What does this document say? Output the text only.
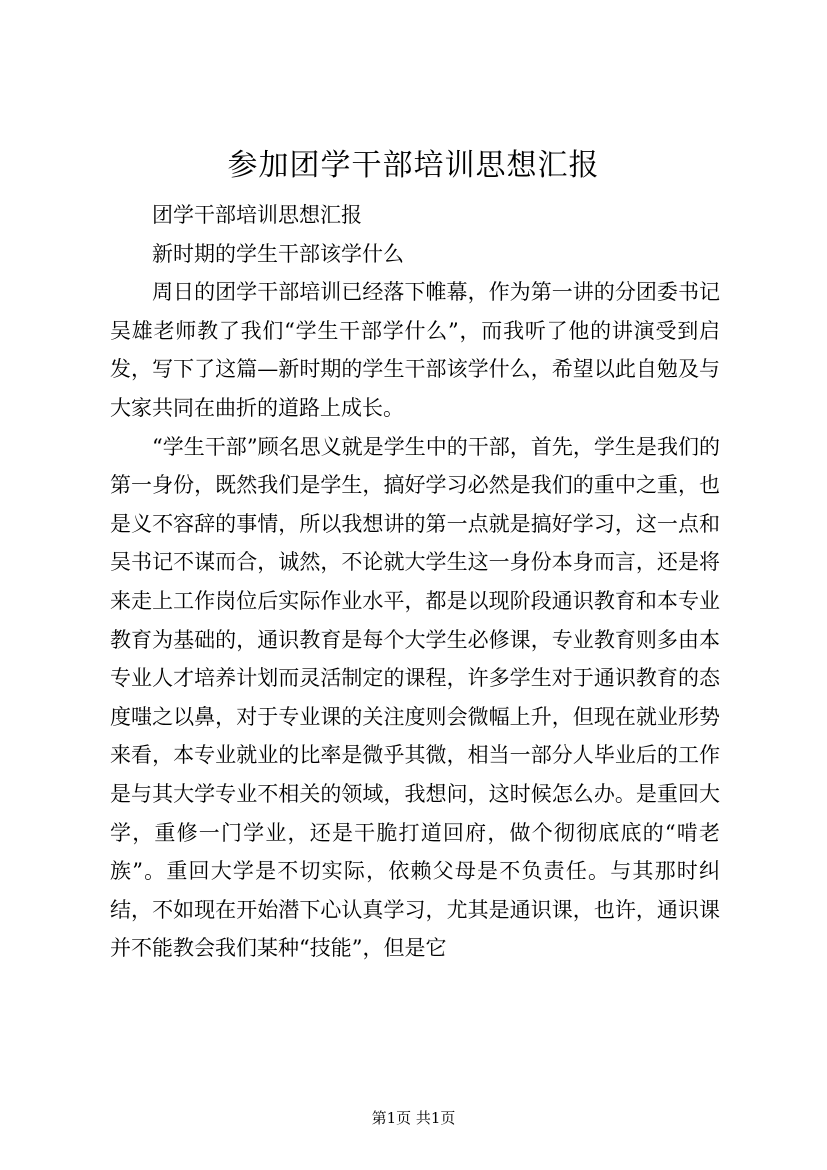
参加团学干部培训思想汇报

团学干部培训思想汇报

新时期的学生干部该学什么

周日的团学干部培训已经落下帷幕，作为第一讲的分团委书记吴雄老师教了我们“学生干部学什么”，而我听了他的讲演受到启发，写下了这篇—新时期的学生干部该学什么，希望以此自勉及与大家共同在曲折的道路上成长。

“学生干部”顾名思义就是学生中的干部，首先，学生是我们的第一身份，既然我们是学生，搞好学习必然是我们的重中之重，也是义不容辞的事情，所以我想讲的第一点就是搞好学习，这一点和吴书记不谋而合，诚然，不论就大学生这一身份本身而言，还是将来走上工作岗位后实际作业水平，都是以现阶段通识教育和本专业教育为基础的，通识教育是每个大学生必修课，专业教育则多由本专业人才培养计划而灵活制定的课程，许多学生对于通识教育的态度嗤之以鼻，对于专业课的关注度则会微幅上升，但现在就业形势来看，本专业就业的比率是微乎其微，相当一部分人毕业后的工作是与其大学专业不相关的领域，我想问，这时候怎么办。是重回大学，重修一门学业，还是干脆打道回府，做个彻彻底底的“啃老族”。重回大学是不切实际，依赖父母是不负责任。与其那时纠结，不如现在开始潜下心认真学习，尤其是通识课，也许，通识课并不能教会我们某种“技能”，但是它

第1页 共1页
